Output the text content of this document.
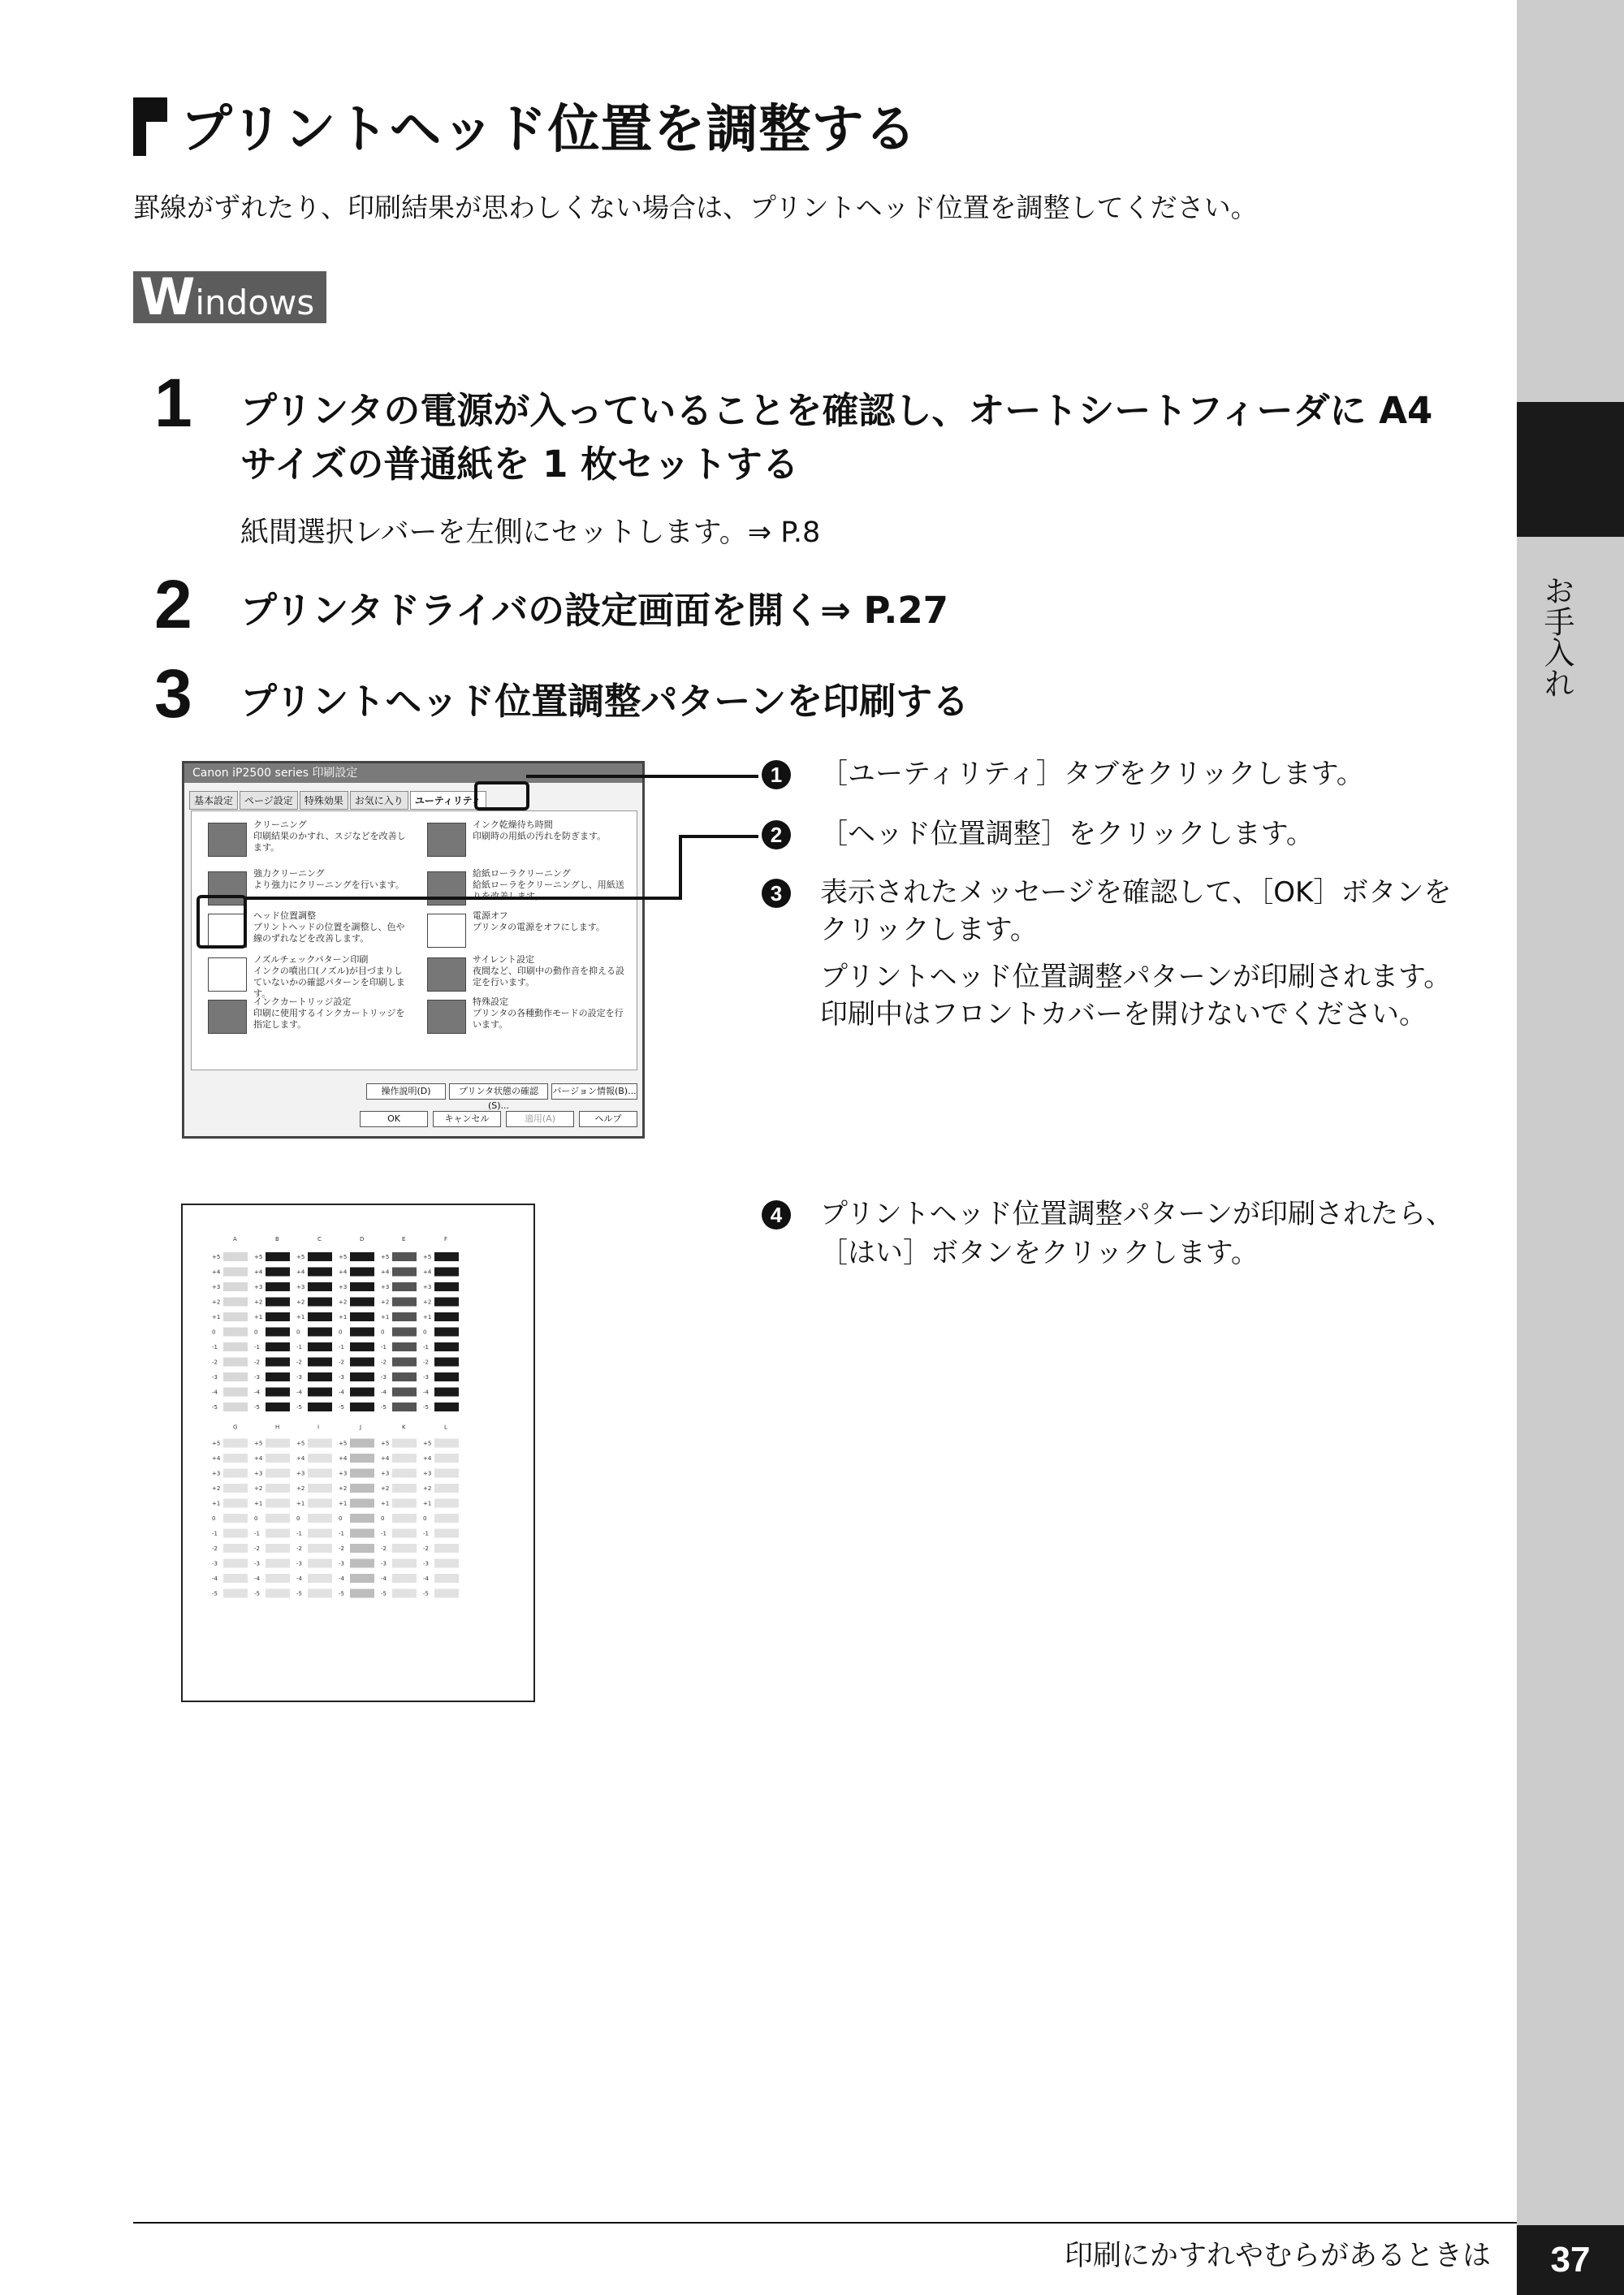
お手入れ
プリントヘッド位置を調整する
罫線がずれたり、印刷結果が思わしくない場合は、プリントヘッド位置を調整してください。
Windows
1 プリンタの電源が入っていることを確認し、オートシートフィーダに A4
サイズの普通紙を 1 枚セットする
紙間選択レバーを左側にセットします。⇒ P.8
2 プリンタドライバの設定画面を開く⇒ P.27
3 プリントヘッド位置調整パターンを印刷する
Canon iP2500 series 印刷設定
基本設定 ページ設定 特殊効果 お気に入り ユーティリティ
クリーニング
印刷結果のかすれ、スジなどを改善します。
強力クリーニング
より強力にクリーニングを行います。
ヘッド位置調整
プリントヘッドの位置を調整し、色や線のずれなどを改善します。
ノズルチェックパターン印刷
インクの噴出口(ノズル)が目づまりしていないかの確認パターンを印刷します。
インクカートリッジ設定
印刷に使用するインクカートリッジを指定します。
インク乾燥待ち時間
印刷時の用紙の汚れを防ぎます。
給紙ローラクリーニング
給紙ローラをクリーニングし、用紙送
電源オフ
プリンタの電源をオフにします。
サイレント設定
夜間など、印刷中の動作音を抑える設定を行います。
特殊設定
プリンタの各種動作モードの設定を行います。
操作説明(D)	プリンタ状態の確認(S)...
バージョン情報(B)...
OK	キャンセル	適用(A)	ヘルプ
1	［ユーティリティ］タブをクリックします。
2	［ヘッド位置調整］をクリックします。
3	表示されたメッセージを確認して、［OK］ボタンを
クリックします。
プリントヘッド位置調整パターンが印刷されます。
印刷中はフロントカバーを開けないでください。
4	プリントヘッド位置調整パターンが印刷されたら、
［はい］ボタンをクリックします。
A	B	C	D	E	F
+5	+5	+5	+5	+5	+5
+4	+4	+4	+4	+4	+4
+3	+3	+3	+3	+3	+3
+2	+2	+2	+2	+2	+2
+1	+1	+1	+1	+1	+1
0	0	0	0	0	0
-1	-1	-1	-1	-1	-1
-2	-2	-2	-2	-2	-2
-3	-3	-3	-3	-3	-3
-4	-4	-4	-4	-4	-4
-5	-5	-5	-5	-5	-5
G	H	I	J	K	L
+5	+5	+5	+5	+5	+5
+4	+4	+4	+4	+4	+4
+3	+3	+3	+3	+3	+3
+2	+2	+2	+2	+2	+2
+1	+1	+1	+1	+1	+1
0	0	0	0	0	0
-1	-1	-1	-1	-1	-1
-2	-2	-2	-2	-2	-2
-3	-3	-3	-3	-3	-3
-4	-4	-4	-4	-4	-4
-5	-5	-5	-5	-5	-5
印刷にかすれやむらがあるときは	37
